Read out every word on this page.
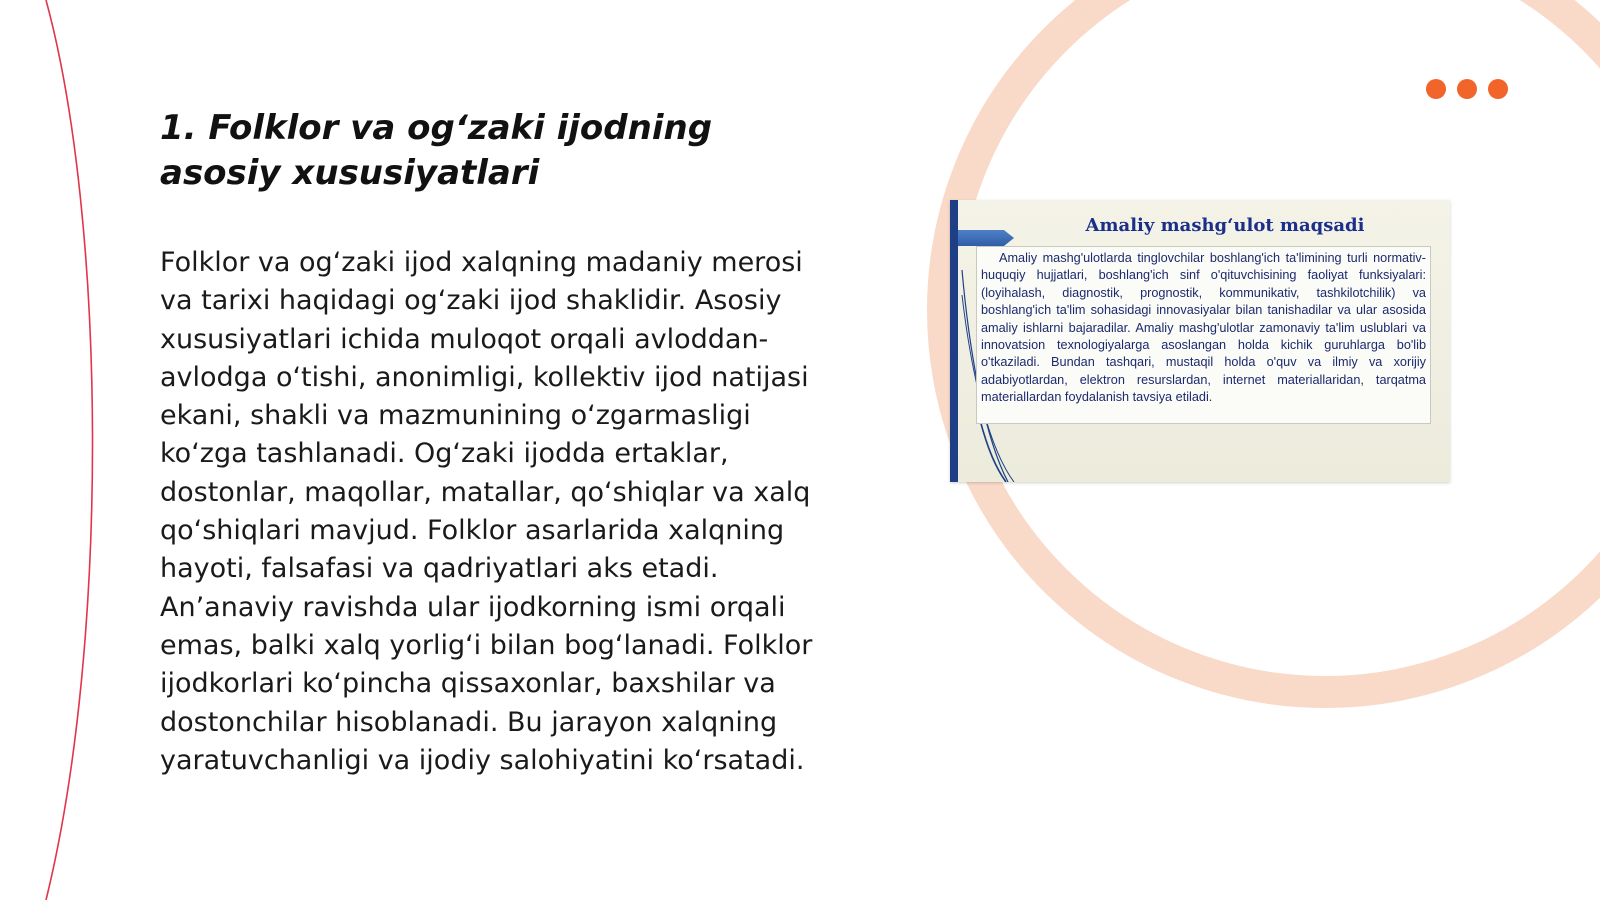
1. Folklor va og‘zaki ijodning asosiy xususiyatlari

Folklor va og‘zaki ijod xalqning madaniy merosi va tarixi haqidagi og‘zaki ijod shaklidir. Asosiy xususiyatlari ichida muloqot orqali avloddan-avlodga o‘tishi, anonimligi, kollektiv ijod natijasi ekani, shakli va mazmunining o‘zgarmasligi ko‘zga tashlanadi. Og‘zaki ijodda ertaklar, dostonlar, maqollar, matallar, qo‘shiqlar va xalq qo‘shiqlari mavjud. Folklor asarlarida xalqning hayoti, falsafasi va qadriyatlari aks etadi. An’anaviy ravishda ular ijodkorning ismi orqali emas, balki xalq yorlig‘i bilan bog‘lanadi. Folklor ijodkorlari ko‘pincha qissaxonlar, baxshilar va dostonchilar hisoblanadi. Bu jarayon xalqning yaratuvchanligi va ijodiy salohiyatini ko‘rsatadi.

Amaliy mashg‘ulot maqsadi

Amaliy mashg'ulotlarda tinglovchilar boshlang'ich ta'limining turli normativ-huquqiy hujjatlari, boshlang'ich sinf o'qituvchisining faoliyat funksiyalari: (loyihalash, diagnostik, prognostik, kommunikativ, tashkilotchilik) va boshlang'ich ta'lim sohasidagi innovasiyalar bilan tanishadilar va ular asosida amaliy ishlarni bajaradilar. Amaliy mashg'ulotlar zamonaviy ta'lim uslublari va innovatsion texnologiyalarga asoslangan holda kichik guruhlarga bo'lib o'tkaziladi. Bundan tashqari, mustaqil holda o'quv va ilmiy va xorijiy adabiyotlardan, elektron resurslardan, internet materiallaridan, tarqatma materiallardan foydalanish tavsiya etiladi.
